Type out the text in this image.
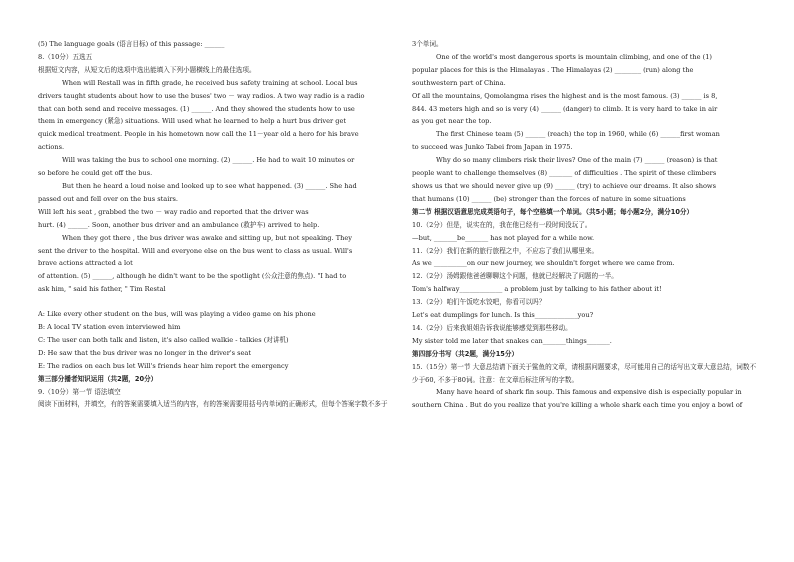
(5) The language goals (语言目标) of this passage: ______

8.（10分）五选五

根据短文内容，从短文后的选项中选出能填入下列小题横线上的最佳选项。

When will Restall was in fifth grade, he received bus safety training at school. Local bus

drivers taught students about how to use the buses' two － way radios. A two way radio is a radio

that can both send and receive messages. (1) ______. And they showed the students how to use

them in emergency (紧急) situations. Will used what he learned to help a hurt bus driver get

quick medical treatment. People in his hometown now call the 11－year old a hero for his brave

actions.

Will was taking the bus to school one morning. (2) ______. He had to wait 10 minutes or

so before he could get off the bus.

But then he heard a loud noise and looked up to see what happened. (3) ______. She had

passed out and fell over on the bus stairs.

Will left his seat , grabbed the two － way radio and reported that the driver was

hurt. (4) ______. Soon, another bus driver and an ambulance (救护车) arrived to help.

When they got there , the bus driver was awake and sitting up, but not speaking. They

sent the driver to the hospital. Will and everyone else on the bus went to class as usual. Will's

brave actions attracted a lot

of attention. (5) ______, although he didn't want to be the spotlight (公众注意的焦点). "I had to

ask him, " said his father, " Tim Restal

A: Like every other student on the bus, will was playing a video game on his phone

B: A local TV station even interviewed him

C: The user can both talk and listen, it's also called walkie - talkies (对讲机)

D: He saw that the bus driver was no longer in the driver's seat

E: The radios on each bus let Will's friends hear him report the emergency

第三部分播者知识运用（共2题，20分）

9.（10分）第一节 语法填空

阅读下面材料，并填空，有的答案需要填入适当的内容，有的答案需要用括号内单词的正确形式，但每个答案字数不多于

3个单词。

One of the world's most dangerous sports is mountain climbing, and one of the (1)

popular places for this is the Himalayas . The Himalayas (2) ________ (run) along the

southwestern part of China.

Of all the mountains, Qomolangma rises the highest and is the most famous. (3) ______ is 8,

844. 43 meters high and so is very (4) ______ (danger) to climb. It is very hard to take in air

as you get near the top.

The first Chinese team (5) ______ (reach) the top in 1960, while (6) ______first woman

to succeed was Junko Tabei from Japan in 1975.

Why do so many climbers risk their lives? One of the main (7) ______ (reason) is that

people want to challenge themselves (8) _______ of difficulties . The spirit of these climbers

shows us that we should never give up (9) ______ (try) to achieve our dreams. It also shows

that humans (10) ______ (be) stronger than the forces of nature in some situations

第二节 根据汉语意思完成英语句子，每个空格填一个单词。（共5小题；每小题2分，满分10分）

10.（2分）但是，说实在的，我在他已经有一段时间没玩了。

—but, _______be_______ has not played for a while now.

11.（2分）我们在新的旅行旅程之中，不应忘了我们从哪里来。

As we __________on our new journey, we shouldn't forget where we came from.

12.（2分）汤姆跟他爸爸聊聊这个问题，他就已经解决了问题的一半。

Tom's halfway_____________ a problem just by talking to his father about it!

13.（2分）咱们午饭吃水饺吧，你看可以吗？

Let's eat dumplings for lunch. Is this_____________you?

14.（2分）后来我姐姐告诉我说能够感觉到那些移动。

My sister told me later that snakes can_______things_______.

第四部分书写（共2题，满分15分）

15.（15分）第一节 大意总结请下面关于鲨鱼的文章，请根据问题要求，尽可能用自己的话写出文章大意总结，词数不

少于60, 不多于80词。注意：在文章后标注所写的字数。

Many have heard of shark fin soup. This famous and expensive dish is especially popular in

southern China . But do you realize that you're killing a whole shark each time you enjoy a bowl of
